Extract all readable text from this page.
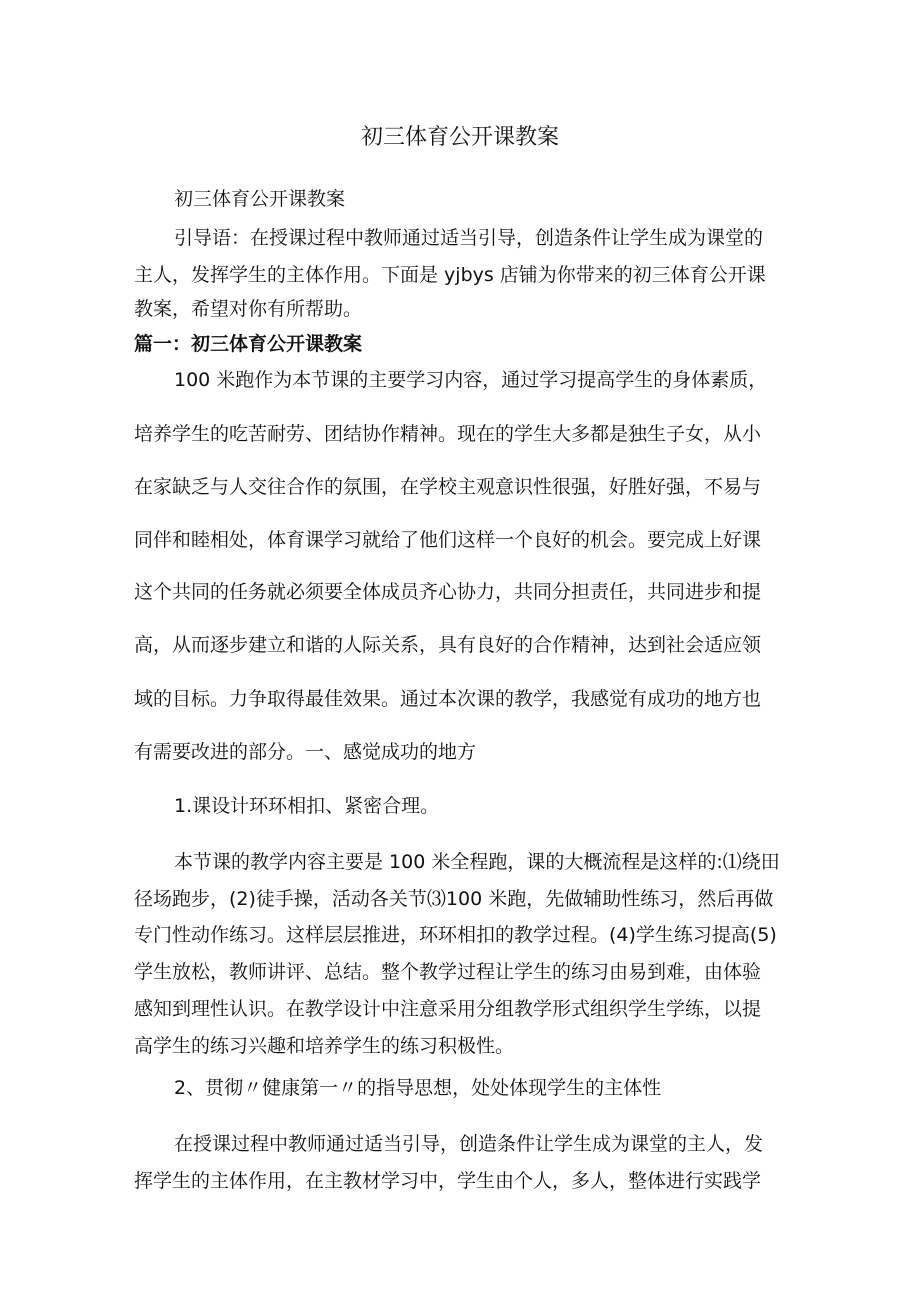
初三体育公开课教案
初三体育公开课教案
引导语：在授课过程中教师通过适当引导，创造条件让学生成为课堂的
主人，发挥学生的主体作用。下面是 yjbys 店铺为你带来的初三体育公开课
教案，希望对你有所帮助。
篇一：初三体育公开课教案
100 米跑作为本节课的主要学习内容，通过学习提高学生的身体素质，
培养学生的吃苦耐劳、团结协作精神。现在的学生大多都是独生子女，从小
在家缺乏与人交往合作的氛围，在学校主观意识性很强，好胜好强，不易与
同伴和睦相处，体育课学习就给了他们这样一个良好的机会。要完成上好课
这个共同的任务就必须要全体成员齐心协力，共同分担责任，共同进步和提
高，从而逐步建立和谐的人际关系，具有良好的合作精神，达到社会适应领
域的目标。力争取得最佳效果。通过本次课的教学，我感觉有成功的地方也
有需要改进的部分。一、感觉成功的地方
1.课设计环环相扣、紧密合理。
本节课的教学内容主要是 100 米全程跑，课的大概流程是这样的:⑴绕田
径场跑步，(2)徒手操，活动各关节⑶100 米跑，先做辅助性练习，然后再做
专门性动作练习。这样层层推进，环环相扣的教学过程。(4)学生练习提高(5)
学生放松，教师讲评、总结。整个教学过程让学生的练习由易到难，由体验
感知到理性认识。在教学设计中注意采用分组教学形式组织学生学练，以提
高学生的练习兴趣和培养学生的练习积极性。
2、贯彻〃健康第一〃的指导思想，处处体现学生的主体性
在授课过程中教师通过适当引导，创造条件让学生成为课堂的主人，发
挥学生的主体作用，在主教材学习中，学生由个人，多人，整体进行实践学
